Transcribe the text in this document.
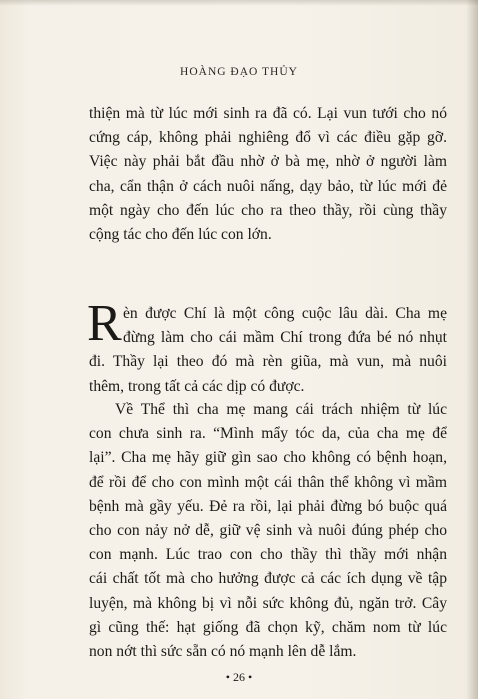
HOÀNG ĐẠO THỦY
thiện mà từ lúc mới sinh ra đã có. Lại vun tưới cho nó
cứng cáp, không phải nghiêng đổ vì các điều gặp gỡ.
Việc này phải bắt đầu nhờ ở bà mẹ, nhờ ở người làm
cha, cẩn thận ở cách nuôi nấng, dạy bảo, từ lúc mới đẻ
một ngày cho đến lúc cho ra theo thầy, rồi cùng thầy
cộng tác cho đến lúc con lớn.
R èn được Chí là một công cuộc lâu dài. Cha mẹ
đừng làm cho cái mầm Chí trong đứa bé nó nhụt
đi. Thầy lại theo đó mà rèn giũa, mà vun, mà nuôi
thêm, trong tất cả các dịp có được.
Về Thể thì cha mẹ mang cái trách nhiệm từ lúc
con chưa sinh ra. “Mình mẩy tóc da, của cha mẹ để
lại”. Cha mẹ hãy giữ gìn sao cho không có bệnh hoạn,
để rồi để cho con mình một cái thân thể không vì mầm
bệnh mà gầy yếu. Đẻ ra rồi, lại phải đừng bó buộc quá
cho con nảy nở dễ, giữ vệ sinh và nuôi đúng phép cho
con mạnh. Lúc trao con cho thầy thì thầy mới nhận
cái chất tốt mà cho hưởng được cả các ích dụng về tập
luyện, mà không bị vì nỗi sức không đủ, ngăn trở. Cây
gì cũng thế: hạt giống đã chọn kỹ, chăm nom từ lúc
non nớt thì sức sẵn có nó mạnh lên dễ lắm.
• 26 •
